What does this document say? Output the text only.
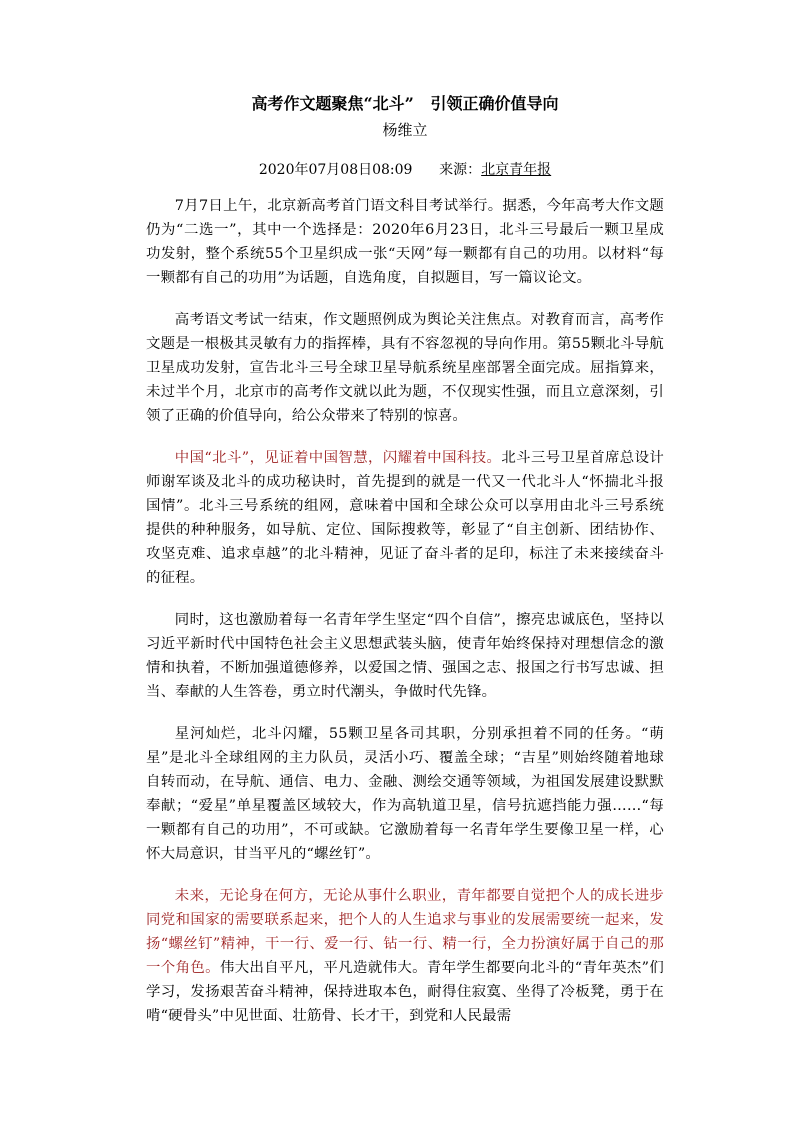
高考作文题聚焦“北斗”   引领正确价值导向
杨维立
2020年07月08日08:09 来源：北京青年报

7月7日上午，北京新高考首门语文科目考试举行。据悉，今年高考大作文题仍为“二选一”，其中一个选择是：2020年6月23日，北斗三号最后一颗卫星成功发射，整个系统55个卫星织成一张“天网”每一颗都有自己的功用。以材料“每一颗都有自己的功用”为话题，自选角度，自拟题目，写一篇议论文。

高考语文考试一结束，作文题照例成为舆论关注焦点。对教育而言，高考作文题是一根极其灵敏有力的指挥棒，具有不容忽视的导向作用。第55颗北斗导航卫星成功发射，宣告北斗三号全球卫星导航系统星座部署全面完成。屈指算来，未过半个月，北京市的高考作文就以此为题，不仅现实性强，而且立意深刻，引领了正确的价值导向，给公众带来了特别的惊喜。

中国“北斗”，见证着中国智慧，闪耀着中国科技。北斗三号卫星首席总设计师谢军谈及北斗的成功秘诀时，首先提到的就是一代又一代北斗人“怀揣北斗报国情”。北斗三号系统的组网，意味着中国和全球公众可以享用由北斗三号系统提供的种种服务，如导航、定位、国际搜救等，彰显了“自主创新、团结协作、攻坚克难、追求卓越”的北斗精神，见证了奋斗者的足印，标注了未来接续奋斗的征程。

同时，这也激励着每一名青年学生坚定“四个自信”，擦亮忠诚底色，坚持以习近平新时代中国特色社会主义思想武装头脑，使青年始终保持对理想信念的激情和执着，不断加强道德修养，以爱国之情、强国之志、报国之行书写忠诚、担当、奉献的人生答卷，勇立时代潮头，争做时代先锋。

星河灿烂，北斗闪耀，55颗卫星各司其职，分别承担着不同的任务。“萌星”是北斗全球组网的主力队员，灵活小巧、覆盖全球；“吉星”则始终随着地球自转而动，在导航、通信、电力、金融、测绘交通等领域，为祖国发展建设默默奉献；“爱星”单星覆盖区域较大，作为高轨道卫星，信号抗遮挡能力强……“每一颗都有自己的功用”，不可或缺。它激励着每一名青年学生要像卫星一样，心怀大局意识，甘当平凡的“螺丝钉”。

未来，无论身在何方，无论从事什么职业，青年都要自觉把个人的成长进步同党和国家的需要联系起来，把个人的人生追求与事业的发展需要统一起来，发扬“螺丝钉”精神，干一行、爱一行、钻一行、精一行，全力扮演好属于自己的那一个角色。伟大出自平凡，平凡造就伟大。青年学生都要向北斗的“青年英杰”们学习，发扬艰苦奋斗精神，保持进取本色，耐得住寂寞、坐得了冷板凳，勇于在啃“硬骨头”中见世面、壮筋骨、长才干，到党和人民最需
